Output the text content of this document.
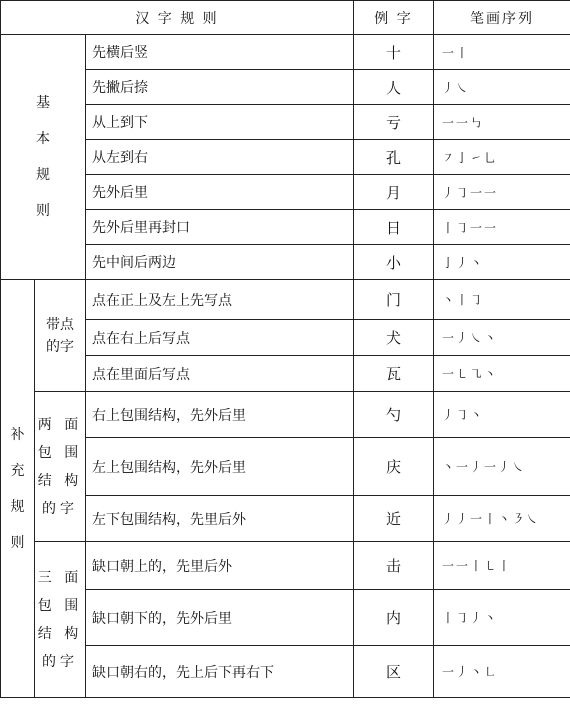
汉 字 规 则			例 字	笔画序列

基
本
规
则		先横后竖	十	一丨
		先撇后捺	人	丿㇏
		从上到下	亏	一一㇉
		从左到右	孔	㇇亅㇀乚
		先外后里	月	丿㇆一一
		先外后里再封口	日	丨㇆一一
		先中间后两边	小	亅丿丶

补
充
规
则	带点
的字	点在正上及左上先写点	门	丶丨㇆
		点在右上后写点	犬	一丿㇏丶
		点在里面后写点	瓦	一㇄㇈丶

	两 面
包 围
结 构
的字	右上包围结构，先外后里	勺	丿㇆丶
		左上包围结构，先外后里	庆	丶一丿一丿㇏
		左下包围结构，先里后外	近	丿丿一丨丶㇋㇏

	三 面
包 围
结 构
的字	缺口朝上的，先里后外	击	一一丨㇄丨
		缺口朝下的，先外后里	内	丨㇆丿丶
		缺口朝右的，先上后下再右下	区	一丿丶㇗
